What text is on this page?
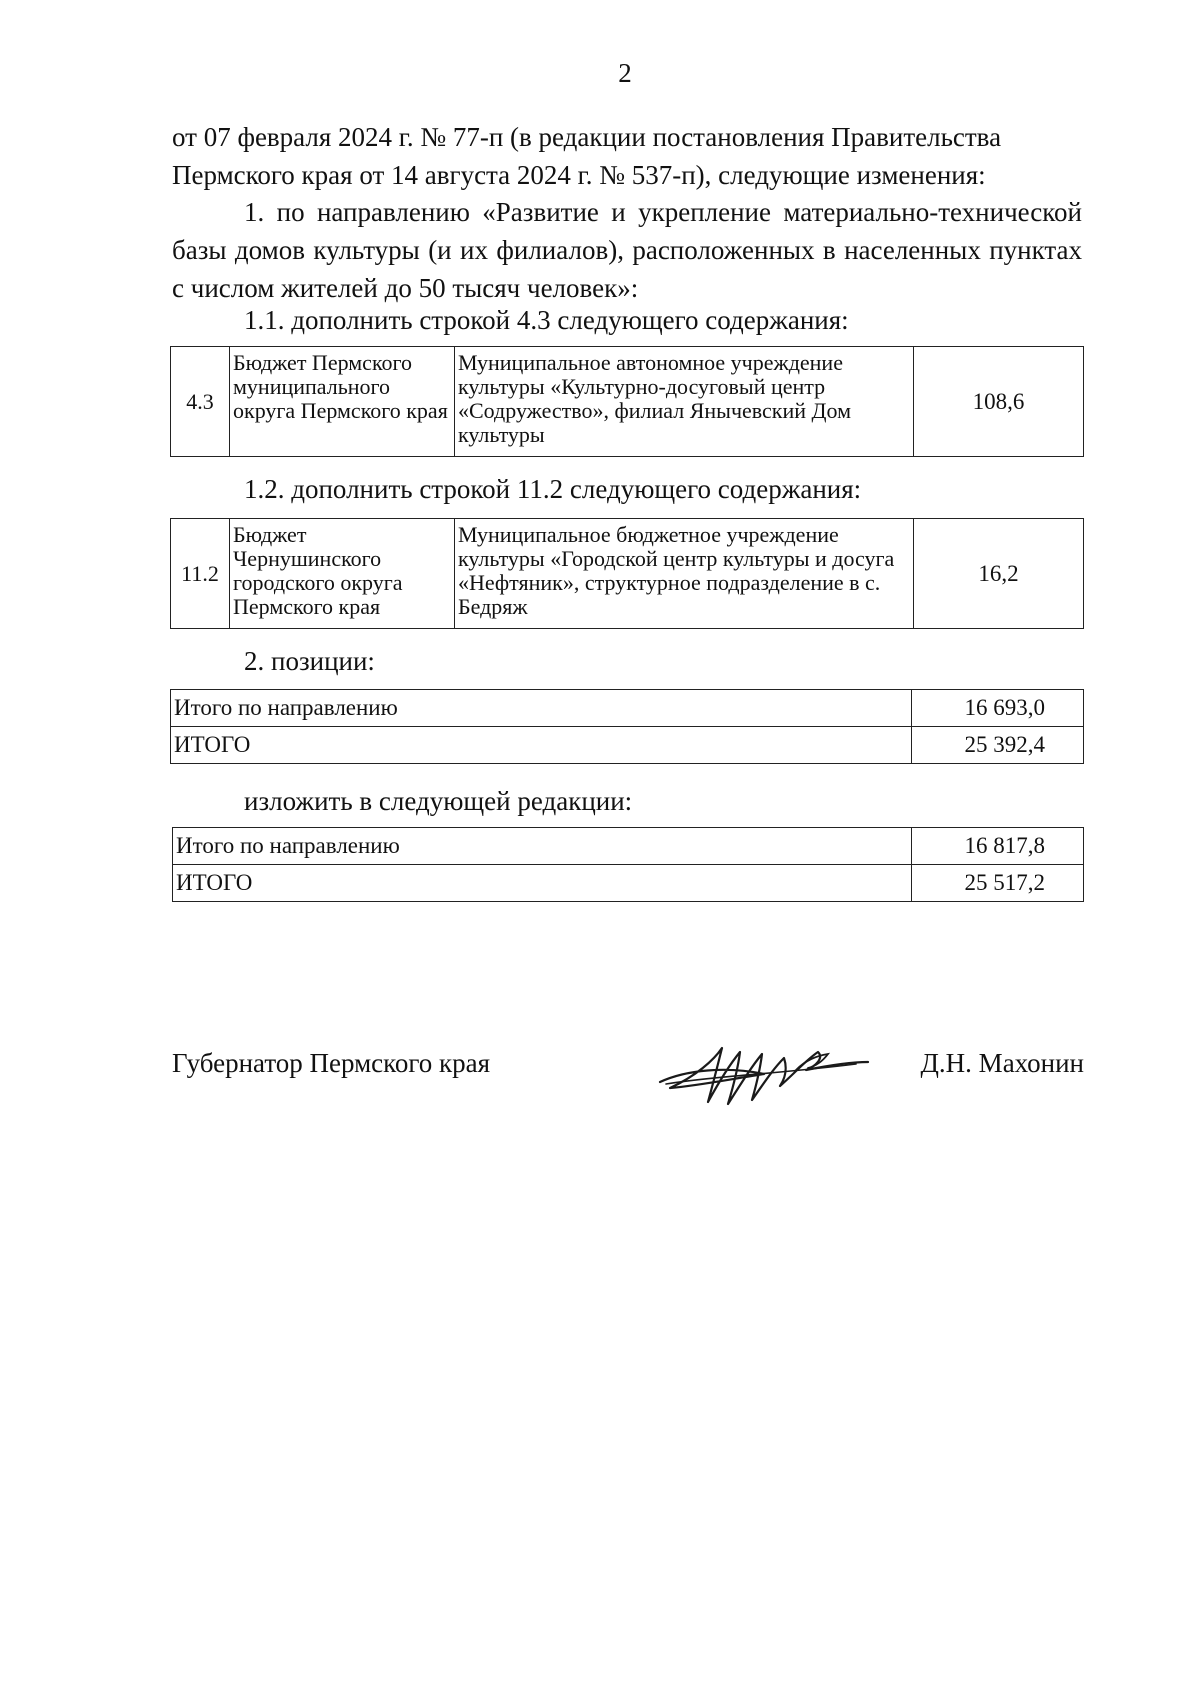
2

от 07 февраля 2024 г. № 77-п (в редакции постановления Правительства

Пермского края от 14 августа 2024 г. № 537-п), следующие изменения:

1. по направлению «Развитие и укрепление материально-технической базы домов культуры (и их филиалов), расположенных в населенных пунктах с числом жителей до 50 тысяч человек»:

1.1. дополнить строкой 4.3 следующего содержания:

4.3	Бюджет Пермского муниципального округа Пермского края	Муниципальное автономное учреждение культуры «Культурно-досуговый центр «Содружество», филиал Янычевский Дом культуры	108,6

1.2. дополнить строкой 11.2 следующего содержания:

11.2	Бюджет Чернушинского городского округа Пермского края	Муниципальное бюджетное учреждение культуры «Городской центр культуры и досуга «Нефтяник», структурное подразделение в с. Бедряж	16,2

2. позиции:

Итого по направлению	16 693,0
ИТОГО	25 392,4

изложить в следующей редакции:

Итого по направлению	16 817,8
ИТОГО	25 517,2
Губернатор Пермского края	Д.Н. Махонин
